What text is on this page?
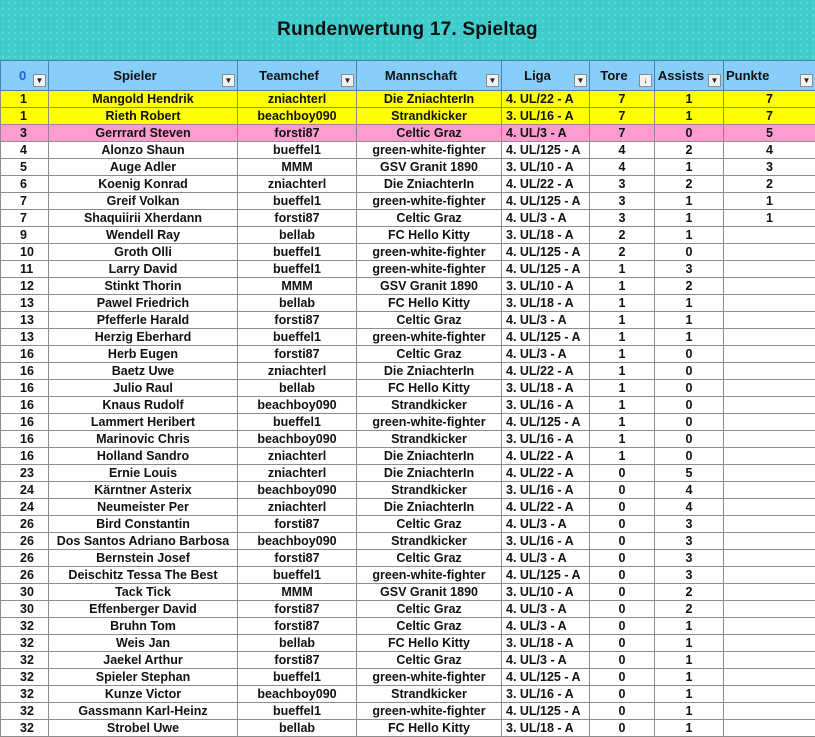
Rundenwertung 17. Spieltag
0 ▼	Spieler ▼	Teamchef ▼	Mannschaft ▼	Liga ▼	Tore ↓	Assists ▼	Punkte ▼

1	Mangold Hendrik	zniachterl	Die ZniachterIn	4. UL/22 - A	7	1	7
1	Rieth Robert	beachboy090	Strandkicker	3. UL/16 - A	7	1	7
3	Gerrrard Steven	forsti87	Celtic Graz	4. UL/3 - A	7	0	5
4	Alonzo Shaun	bueffel1	green-white-fighter	4. UL/125 - A	4	2	4
5	Auge Adler	MMM	GSV Granit 1890	3. UL/10 - A	4	1	3
6	Koenig Konrad	zniachterl	Die ZniachterIn	4. UL/22 - A	3	2	2
7	Greif Volkan	bueffel1	green-white-fighter	4. UL/125 - A	3	1	1
7	Shaquiirii Xherdann	forsti87	Celtic Graz	4. UL/3 - A	3	1	1
9	Wendell Ray	bellab	FC Hello Kitty	3. UL/18 - A	2	1	
10	Groth Olli	bueffel1	green-white-fighter	4. UL/125 - A	2	0	
11	Larry David	bueffel1	green-white-fighter	4. UL/125 - A	1	3	
12	Stinkt Thorin	MMM	GSV Granit 1890	3. UL/10 - A	1	2	
13	Pawel Friedrich	bellab	FC Hello Kitty	3. UL/18 - A	1	1	
13	Pfefferle Harald	forsti87	Celtic Graz	4. UL/3 - A	1	1	
13	Herzig Eberhard	bueffel1	green-white-fighter	4. UL/125 - A	1	1	
16	Herb Eugen	forsti87	Celtic Graz	4. UL/3 - A	1	0	
16	Baetz Uwe	zniachterl	Die ZniachterIn	4. UL/22 - A	1	0	
16	Julio Raul	bellab	FC Hello Kitty	3. UL/18 - A	1	0	
16	Knaus Rudolf	beachboy090	Strandkicker	3. UL/16 - A	1	0	
16	Lammert Heribert	bueffel1	green-white-fighter	4. UL/125 - A	1	0	
16	Marinovic Chris	beachboy090	Strandkicker	3. UL/16 - A	1	0	
16	Holland Sandro	zniachterl	Die ZniachterIn	4. UL/22 - A	1	0	
23	Ernie Louis	zniachterl	Die ZniachterIn	4. UL/22 - A	0	5	
24	Kärntner Asterix	beachboy090	Strandkicker	3. UL/16 - A	0	4	
24	Neumeister Per	zniachterl	Die ZniachterIn	4. UL/22 - A	0	4	
26	Bird Constantin	forsti87	Celtic Graz	4. UL/3 - A	0	3	
26	Dos Santos Adriano Barbosa	beachboy090	Strandkicker	3. UL/16 - A	0	3	
26	Bernstein Josef	forsti87	Celtic Graz	4. UL/3 - A	0	3	
26	Deischitz Tessa The Best	bueffel1	green-white-fighter	4. UL/125 - A	0	3	
30	Tack Tick	MMM	GSV Granit 1890	3. UL/10 - A	0	2	
30	Effenberger David	forsti87	Celtic Graz	4. UL/3 - A	0	2	
32	Bruhn Tom	forsti87	Celtic Graz	4. UL/3 - A	0	1	
32	Weis Jan	bellab	FC Hello Kitty	3. UL/18 - A	0	1	
32	Jaekel Arthur	forsti87	Celtic Graz	4. UL/3 - A	0	1	
32	Spieler Stephan	bueffel1	green-white-fighter	4. UL/125 - A	0	1	
32	Kunze Victor	beachboy090	Strandkicker	3. UL/16 - A	0	1	
32	Gassmann Karl-Heinz	bueffel1	green-white-fighter	4. UL/125 - A	0	1	
32	Strobel Uwe	bellab	FC Hello Kitty	3. UL/18 - A	0	1	
